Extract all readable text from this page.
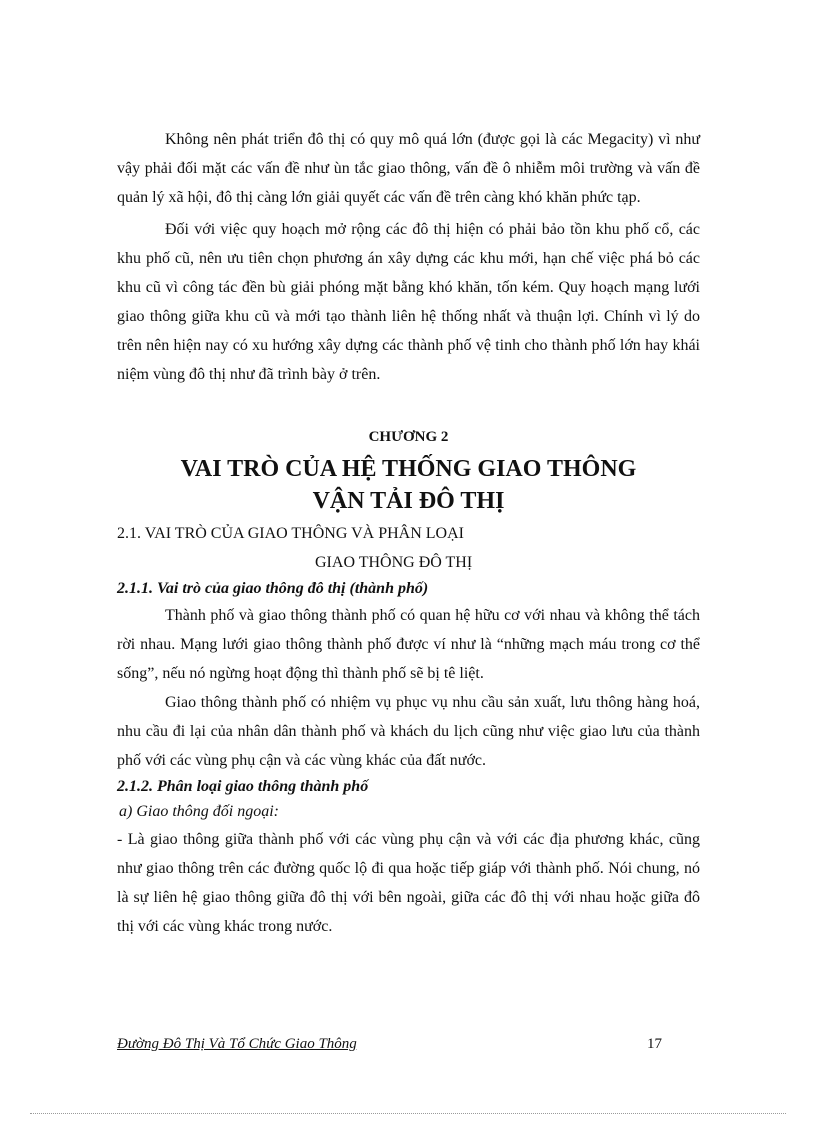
Không nên phát triển đô thị có quy mô quá lớn (được gọi là các Megacity) vì như vậy phải đối mặt các vấn đề như ùn tắc giao thông, vấn đề ô nhiễm môi trường và vấn đề quản lý xã hội, đô thị càng lớn giải quyết các vấn đề trên càng khó khăn phức tạp.

Đối với việc quy hoạch mở rộng các đô thị hiện có phải bảo tồn khu phố cổ, các khu phố cũ, nên ưu tiên chọn phương án xây dựng các khu mới, hạn chế việc phá bỏ các khu cũ vì công tác đền bù giải phóng mặt bằng khó khăn, tốn kém. Quy hoạch mạng lưới giao thông giữa khu cũ và mới tạo thành liên hệ thống nhất và thuận lợi. Chính vì lý do trên nên hiện nay có xu hướng xây dựng các thành phố vệ tinh cho thành phố lớn hay khái niệm vùng đô thị như đã trình bày ở trên.

CHƯƠNG 2
VAI TRÒ CỦA HỆ THỐNG GIAO THÔNG
VẬN TẢI ĐÔ THỊ
2.1. VAI TRÒ CỦA GIAO THÔNG VÀ PHÂN LOẠI
GIAO THÔNG ĐÔ THỊ
2.1.1. Vai trò của giao thông đô thị (thành phố)

Thành phố và giao thông thành phố có quan hệ hữu cơ với nhau và không thể tách rời nhau. Mạng lưới giao thông thành phố được ví như là “những mạch máu trong cơ thể sống”, nếu nó ngừng hoạt động thì thành phố sẽ bị tê liệt.

Giao thông thành phố có nhiệm vụ phục vụ nhu cầu sản xuất, lưu thông hàng hoá, nhu cầu đi lại của nhân dân thành phố và khách du lịch cũng như việc giao lưu của thành phố với các vùng phụ cận và các vùng khác của đất nước.

2.1.2. Phân loại giao thông thành phố
a) Giao thông đối ngoại:

- Là giao thông giữa thành phố với các vùng phụ cận và với các địa phương khác, cũng như giao thông trên các đường quốc lộ đi qua hoặc tiếp giáp với thành phố. Nói chung, nó là sự liên hệ giao thông giữa đô thị với bên ngoài, giữa các đô thị với nhau hoặc giữa đô thị với các vùng khác trong nước.

Đường Đô Thị Và Tổ Chức Giao Thông	17
